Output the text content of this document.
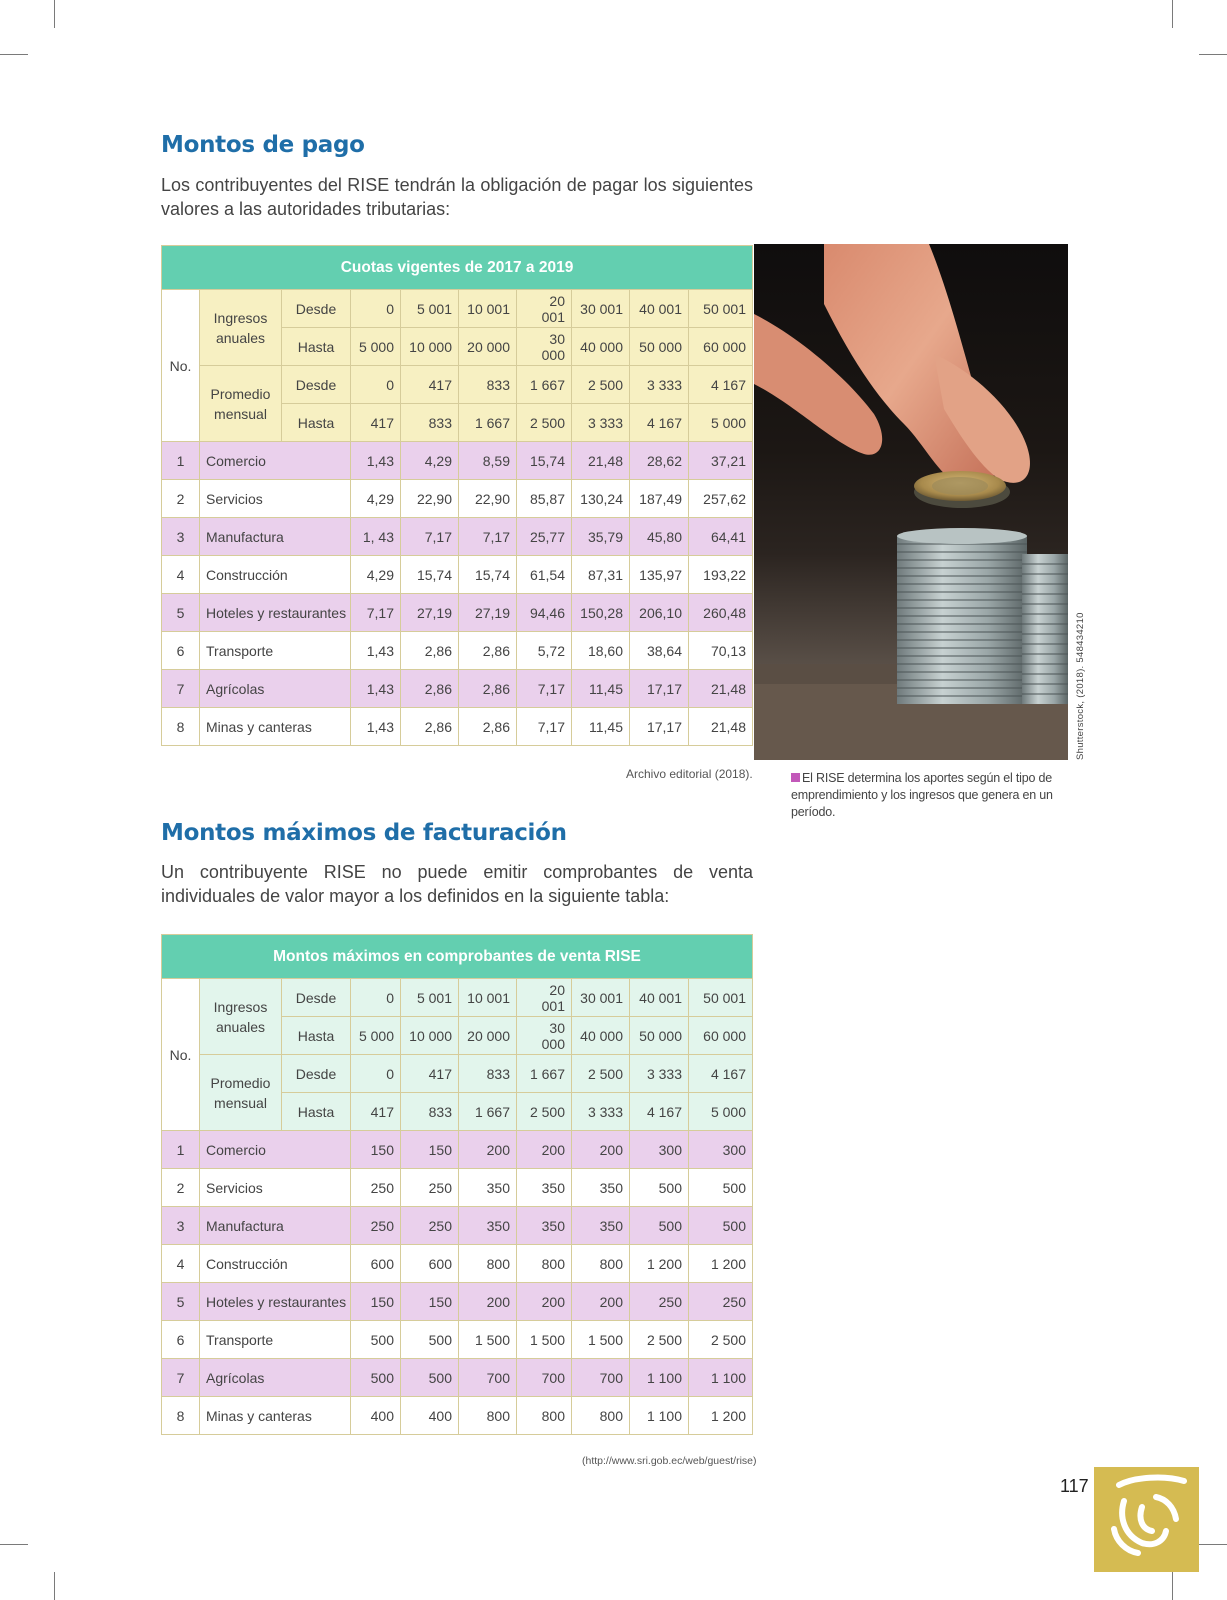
Montos de pago

Los contribuyentes del RISE tendrán la obligación de pagar los siguientes valores a las autoridades tributarias:

Cuotas vigentes de 2017 a 2019									
No.	Ingresos anuales	Desde	0	5 001	10 001	20 001	30 001	40 001	50 001
		Hasta	5 000	10 000	20 000	30 000	40 000	50 000	60 000
	Promedio mensual	Desde	0	417	833	1 667	2 500	3 333	4 167
		Hasta	417	833	1 667	2 500	3 333	4 167	5 000
1	Comercio		1,43	4,29	8,59	15,74	21,48	28,62	37,21
2	Servicios		4,29	22,90	22,90	85,87	130,24	187,49	257,62
3	Manufactura		1, 43	7,17	7,17	25,77	35,79	45,80	64,41
4	Construcción		4,29	15,74	15,74	61,54	87,31	135,97	193,22
5	Hoteles y restaurantes		7,17	27,19	27,19	94,46	150,28	206,10	260,48
6	Transporte		1,43	2,86	2,86	5,72	18,60	38,64	70,13
7	Agrícolas		1,43	2,86	2,86	7,17	11,45	17,17	21,48
8	Minas y canteras		1,43	2,86	2,86	7,17	11,45	17,17	21,48
Archivo editorial (2018).
Shutterstock, (2018). 548434210
El RISE determina los aportes según el tipo de emprendimiento y los ingresos que genera en un período.
Montos máximos de facturación

Un contribuyente RISE no puede emitir comprobantes de venta individuales de valor mayor a los definidos en la siguiente tabla:

Montos máximos en comprobantes de venta RISE									
No.	Ingresos anuales	Desde	0	5 001	10 001	20 001	30 001	40 001	50 001
		Hasta	5 000	10 000	20 000	30 000	40 000	50 000	60 000
	Promedio mensual	Desde	0	417	833	1 667	2 500	3 333	4 167
		Hasta	417	833	1 667	2 500	3 333	4 167	5 000
1	Comercio		150	150	200	200	200	300	300
2	Servicios		250	250	350	350	350	500	500
3	Manufactura		250	250	350	350	350	500	500
4	Construcción		600	600	800	800	800	1 200	1 200
5	Hoteles y restaurantes		150	150	200	200	200	250	250
6	Transporte		500	500	1 500	1 500	1 500	2 500	2 500
7	Agrícolas		500	500	700	700	700	1 100	1 100
8	Minas y canteras		400	400	800	800	800	1 100	1 200
(http://www.sri.gob.ec/web/guest/rise)
117
